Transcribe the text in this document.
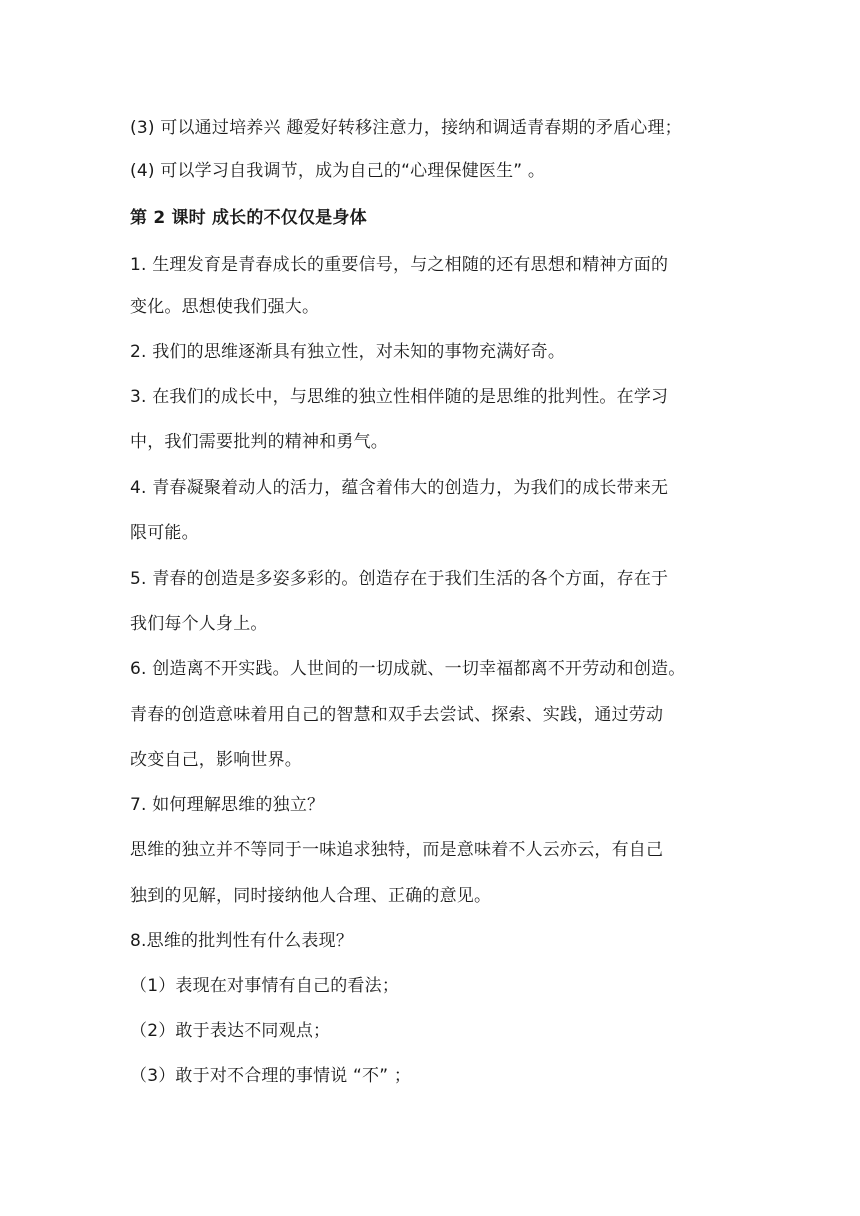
(3) 可以通过培养兴 趣爱好转移注意力，接纳和调适青春期的矛盾心理；
(4) 可以学习自我调节，成为自己的“心理保健医生” 。
第 2 课时 成长的不仅仅是身体
1. 生理发育是青春成长的重要信号，与之相随的还有思想和精神方面的
变化。思想使我们强大。
2. 我们的思维逐渐具有独立性，对未知的事物充满好奇。
3. 在我们的成长中，与思维的独立性相伴随的是思维的批判性。在学习
中，我们需要批判的精神和勇气。
4. 青春凝聚着动人的活力，蕴含着伟大的创造力，为我们的成长带来无
限可能。
5. 青春的创造是多姿多彩的。创造存在于我们生活的各个方面，存在于
我们每个人身上。
6. 创造离不开实践。人世间的一切成就、一切幸福都离不开劳动和创造。
青春的创造意味着用自己的智慧和双手去尝试、探索、实践，通过劳动
改变自己，影响世界。
7. 如何理解思维的独立？
思维的独立并不等同于一味追求独特，而是意味着不人云亦云，有自己
独到的见解，同时接纳他人合理、正确的意见。
8.思维的批判性有什么表现？
（1）表现在对事情有自己的看法；
（2）敢于表达不同观点；
（3）敢于对不合理的事情说 “不” ；
